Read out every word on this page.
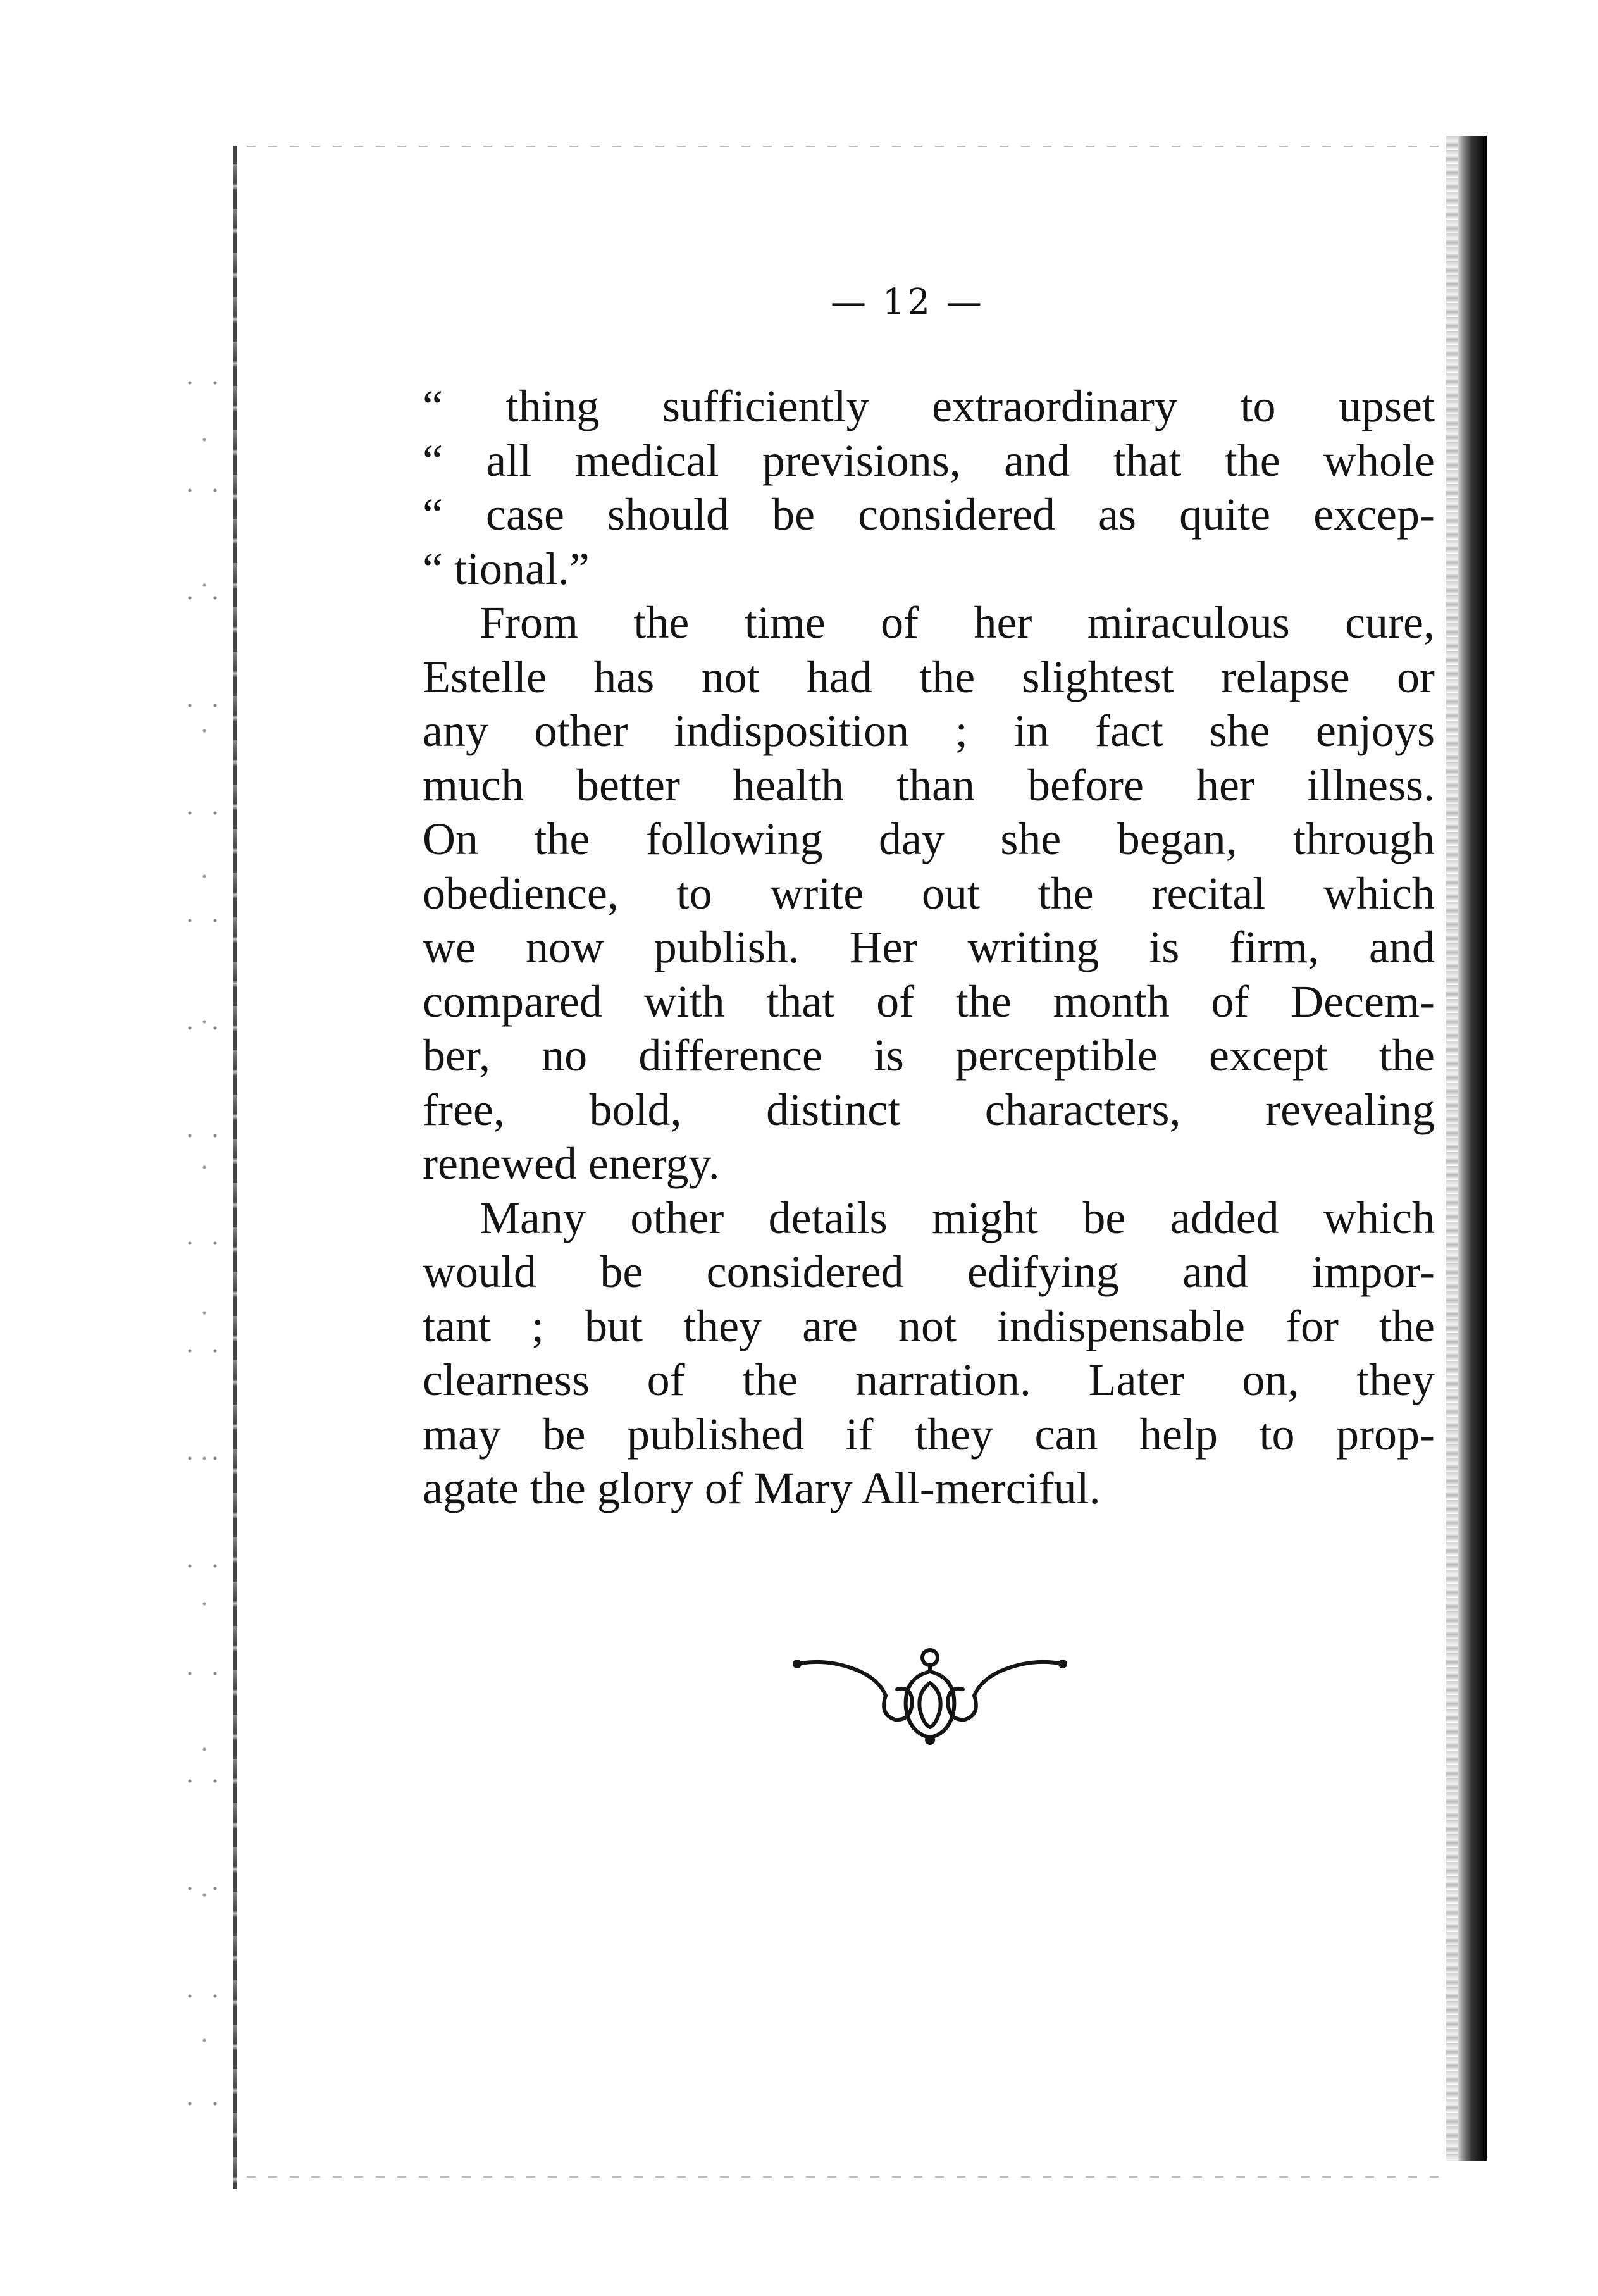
— 12 —
“ thing sufficiently extraordinary to upset
“ all medical previsions, and that the whole
“ case should be considered as quite excep-
“ tional.”
From the time of her miraculous cure,
Estelle has not had the slightest relapse or
any other indisposition ; in fact she enjoys
much better health than before her illness.
On the following day she began, through
obedience, to write out the recital which
we now publish. Her writing is firm, and
compared with that of the month of Decem-
ber, no difference is perceptible except the
free, bold, distinct characters, revealing
renewed energy.
Many other details might be added which
would be considered edifying and impor-
tant ; but they are not indispensable for the
clearness of the narration. Later on, they
may be published if they can help to prop-
agate the glory of Mary All-merciful.
